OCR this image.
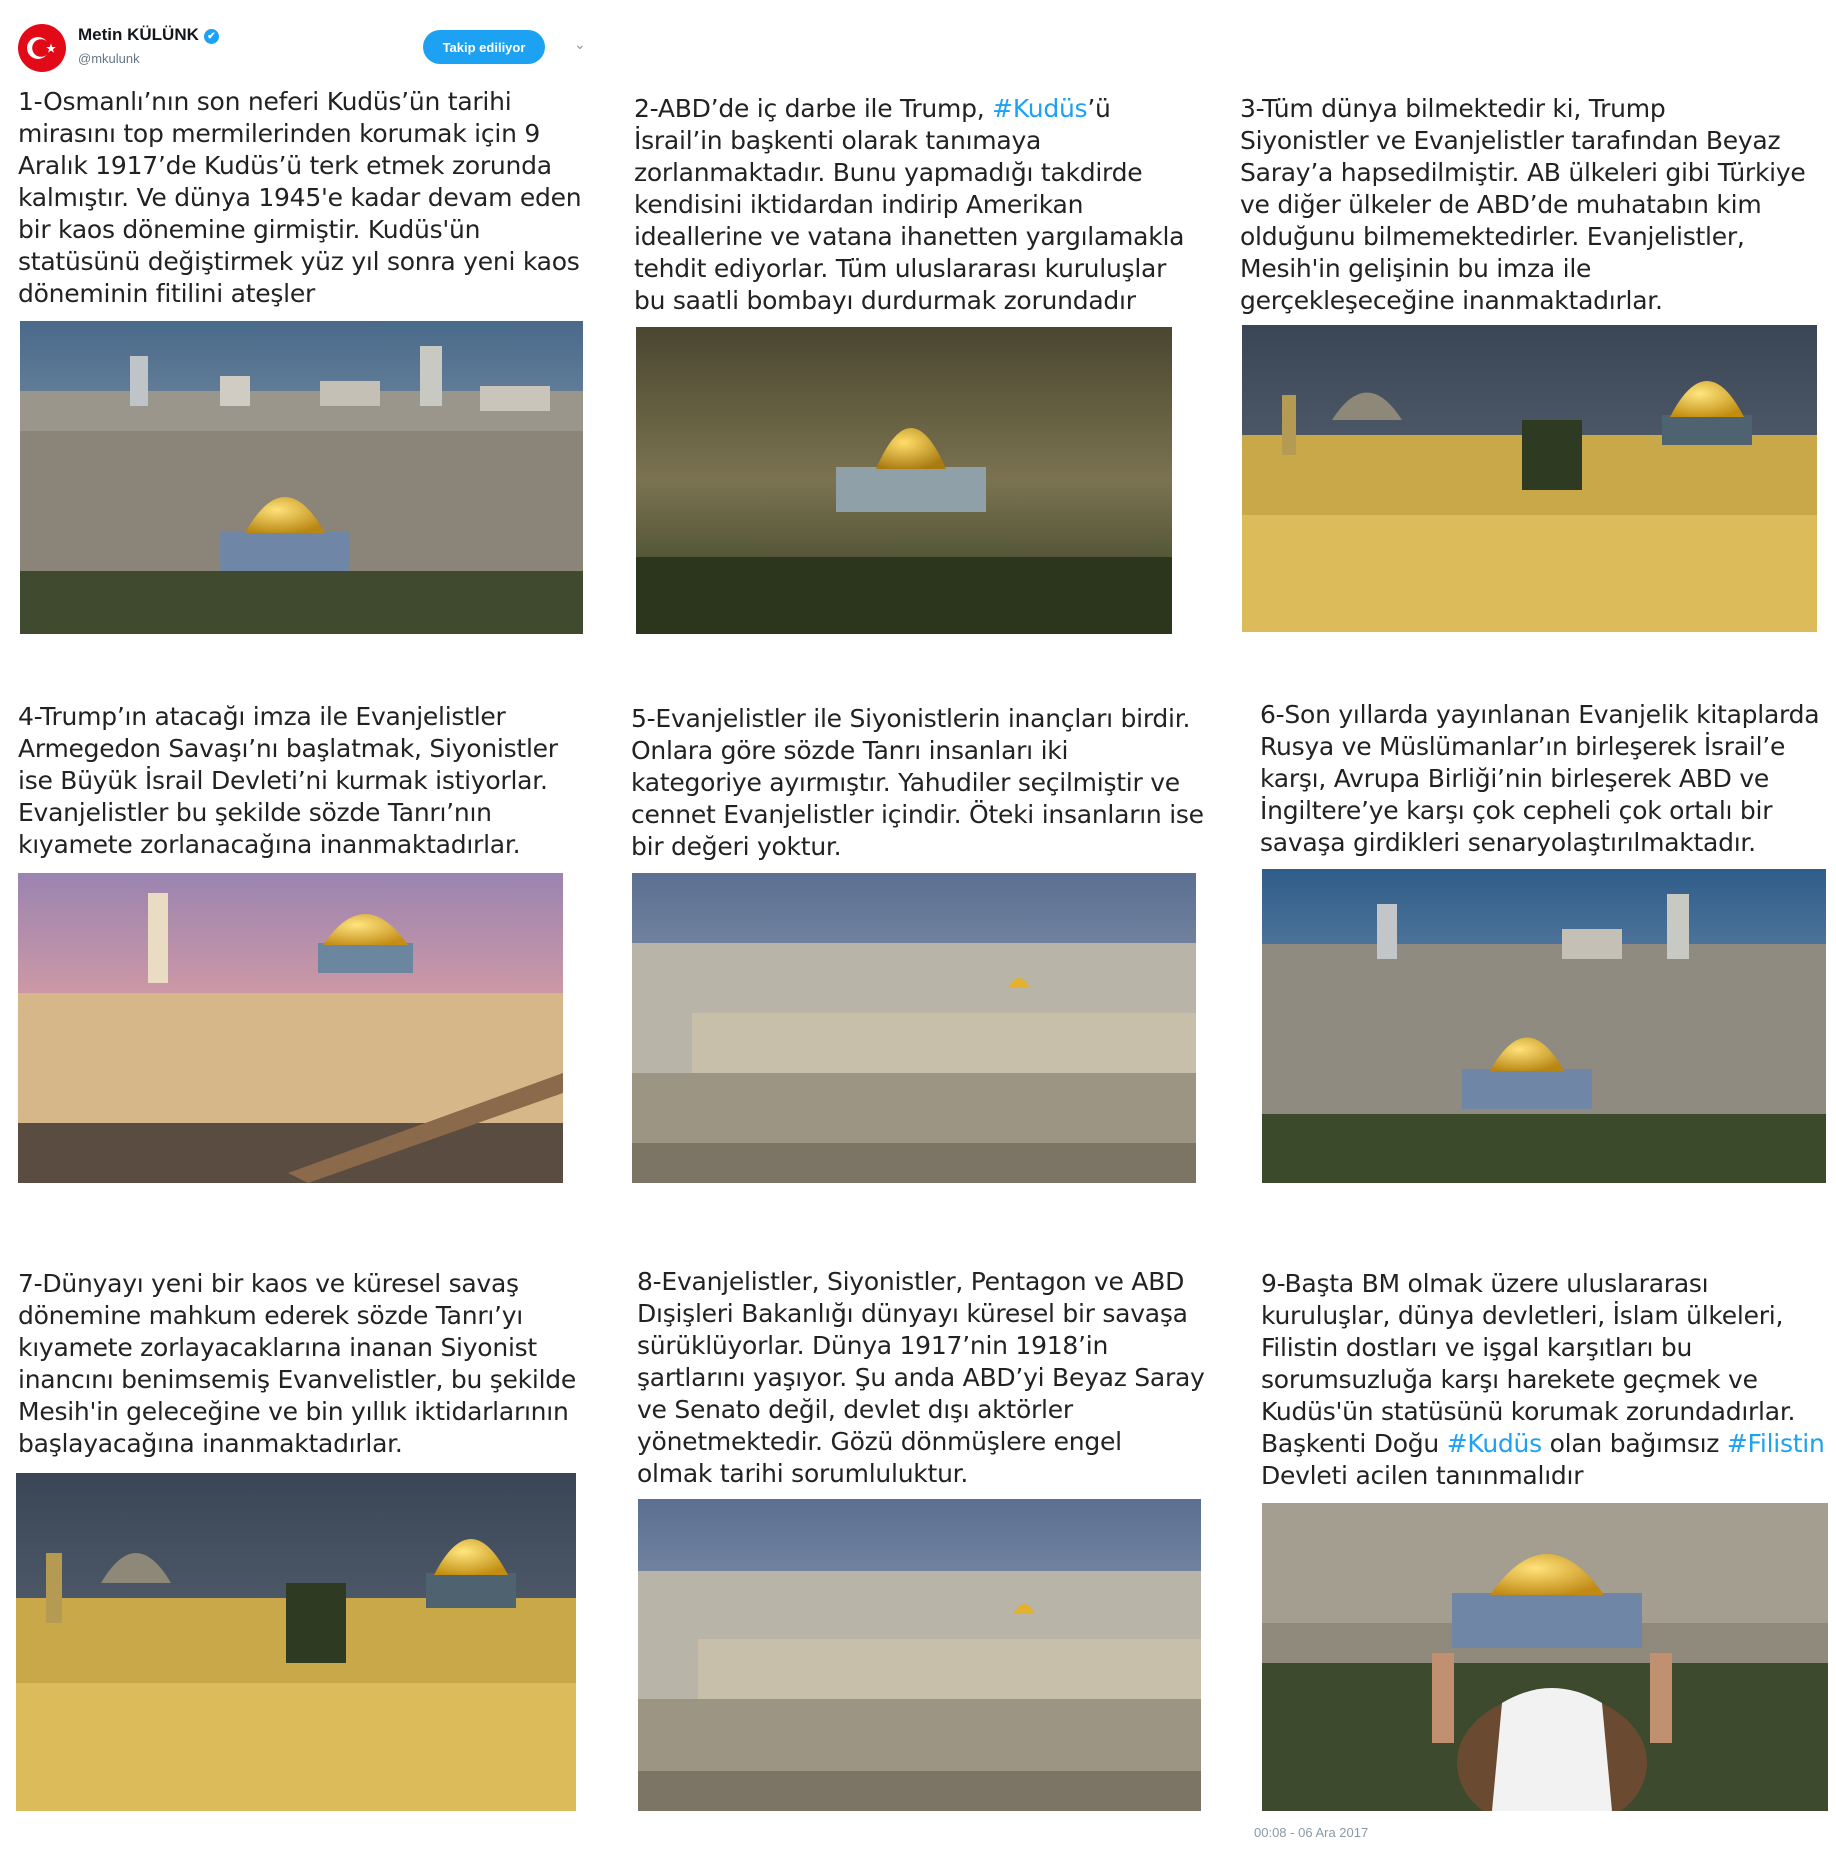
Metin KÜLÜNK ✔
@mkulunk
Takip ediliyor	⌄
1-Osmanlı’nın son neferi Kudüs’ün tarihi
mirasını top mermilerinden korumak için 9
Aralık 1917’de Kudüs’ü terk etmek zorunda
kalmıştır. Ve dünya 1945'e kadar devam eden
bir kaos dönemine girmiştir. Kudüs'ün
statüsünü değiştirmek yüz yıl sonra yeni kaos
döneminin fitilini ateşler
2-ABD’de iç darbe ile Trump, #Kudüs’ü
İsrail’in başkenti olarak tanımaya
zorlanmaktadır. Bunu yapmadığı takdirde
kendisini iktidardan indirip Amerikan
ideallerine ve vatana ihanetten yargılamakla
tehdit ediyorlar. Tüm uluslararası kuruluşlar
bu saatli bombayı durdurmak zorundadır
3-Tüm dünya bilmektedir ki, Trump
Siyonistler ve Evanjelistler tarafından Beyaz
Saray’a hapsedilmiştir. AB ülkeleri gibi Türkiye
ve diğer ülkeler de ABD’de muhatabın kim
olduğunu bilmemektedirler. Evanjelistler,
Mesih'in gelişinin bu imza ile
gerçekleşeceğine inanmaktadırlar.
4-Trump’ın atacağı imza ile Evanjelistler
Armegedon Savaşı’nı başlatmak, Siyonistler
ise Büyük İsrail Devleti’ni kurmak istiyorlar.
Evanjelistler bu şekilde sözde Tanrı’nın
kıyamete zorlanacağına inanmaktadırlar.
5-Evanjelistler ile Siyonistlerin inançları birdir.
Onlara göre sözde Tanrı insanları iki
kategoriye ayırmıştır. Yahudiler seçilmiştir ve
cennet Evanjelistler içindir. Öteki insanların ise
bir değeri yoktur.
6-Son yıllarda yayınlanan Evanjelik kitaplarda
Rusya ve Müslümanlar’ın birleşerek İsrail’e
karşı, Avrupa Birliği’nin birleşerek ABD ve
İngiltere’ye karşı çok cepheli çok ortalı bir
savaşa girdikleri senaryolaştırılmaktadır.
7-Dünyayı yeni bir kaos ve küresel savaş
dönemine mahkum ederek sözde Tanrı’yı
kıyamete zorlayacaklarına inanan Siyonist
inancını benimsemiş Evanvelistler, bu şekilde
Mesih'in geleceğine ve bin yıllık iktidarlarının
başlayacağına inanmaktadırlar.
8-Evanjelistler, Siyonistler, Pentagon ve ABD
Dışişleri Bakanlığı dünyayı küresel bir savaşa
sürüklüyorlar. Dünya 1917’nin 1918’in
şartlarını yaşıyor. Şu anda ABD’yi Beyaz Saray
ve Senato değil, devlet dışı aktörler
yönetmektedir. Gözü dönmüşlere engel
olmak tarihi sorumluluktur.
9-Başta BM olmak üzere uluslararası
kuruluşlar, dünya devletleri, İslam ülkeleri,
Filistin dostları ve işgal karşıtları bu
sorumsuzluğa karşı harekete geçmek ve
Kudüs'ün statüsünü korumak zorundadırlar.
Başkenti Doğu #Kudüs olan bağımsız #Filistin
Devleti acilen tanınmalıdır
00:08 - 06 Ara 2017
